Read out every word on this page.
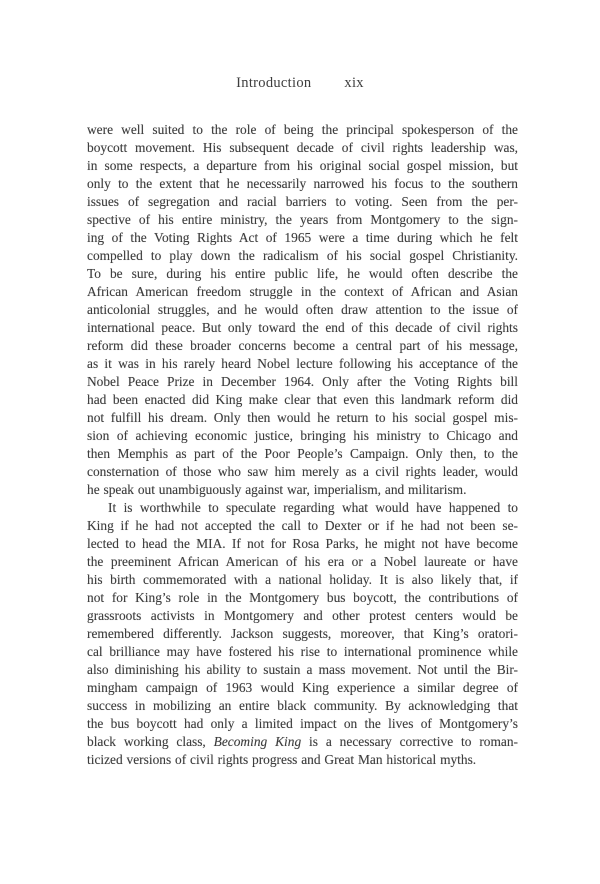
Introduction xix
were well suited to the role of being the principal spokesperson of the
boycott movement. His subsequent decade of civil rights leadership was,
in some respects, a departure from his original social gospel mission, but
only to the extent that he necessarily narrowed his focus to the southern
issues of segregation and racial barriers to voting. Seen from the per-
spective of his entire ministry, the years from Montgomery to the sign-
ing of the Voting Rights Act of 1965 were a time during which he felt
compelled to play down the radicalism of his social gospel Christianity.
To be sure, during his entire public life, he would often describe the
African American freedom struggle in the context of African and Asian
anticolonial struggles, and he would often draw attention to the issue of
international peace. But only toward the end of this decade of civil rights
reform did these broader concerns become a central part of his message,
as it was in his rarely heard Nobel lecture following his acceptance of the
Nobel Peace Prize in December 1964. Only after the Voting Rights bill
had been enacted did King make clear that even this landmark reform did
not fulfill his dream. Only then would he return to his social gospel mis-
sion of achieving economic justice, bringing his ministry to Chicago and
then Memphis as part of the Poor People’s Campaign. Only then, to the
consternation of those who saw him merely as a civil rights leader, would
he speak out unambiguously against war, imperialism, and militarism.
It is worthwhile to speculate regarding what would have happened to
King if he had not accepted the call to Dexter or if he had not been se-
lected to head the MIA. If not for Rosa Parks, he might not have become
the preeminent African American of his era or a Nobel laureate or have
his birth commemorated with a national holiday. It is also likely that, if
not for King’s role in the Montgomery bus boycott, the contributions of
grassroots activists in Montgomery and other protest centers would be
remembered differently. Jackson suggests, moreover, that King’s oratori-
cal brilliance may have fostered his rise to international prominence while
also diminishing his ability to sustain a mass movement. Not until the Bir-
mingham campaign of 1963 would King experience a similar degree of
success in mobilizing an entire black community. By acknowledging that
the bus boycott had only a limited impact on the lives of Montgomery’s
black working class, Becoming King is a necessary corrective to roman-
ticized versions of civil rights progress and Great Man historical myths.
